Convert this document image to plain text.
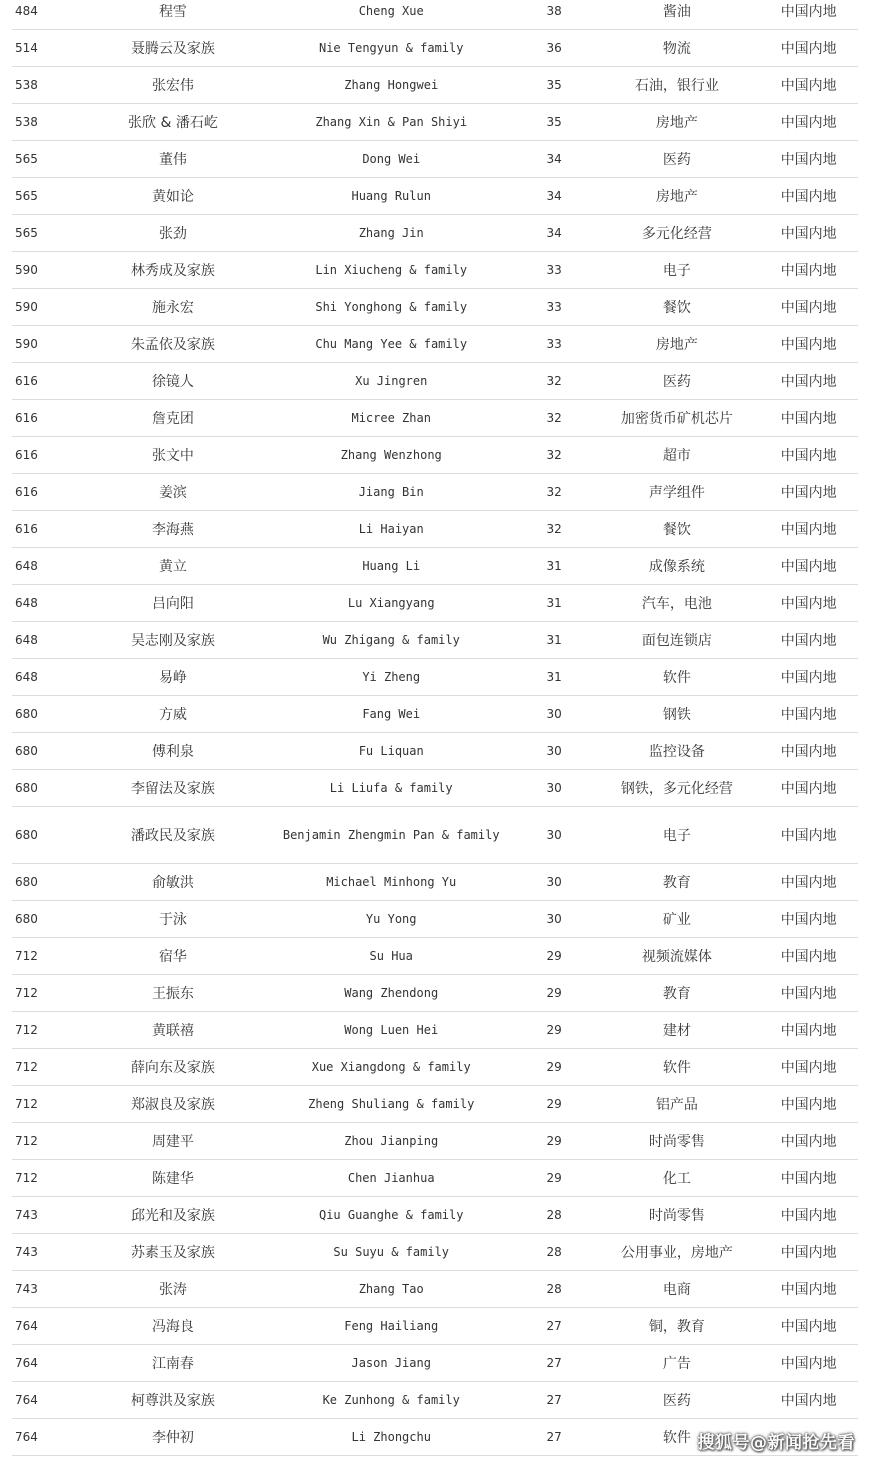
484	程雪	Cheng Xue	38	酱油	中国内地
514	聂腾云及家族	Nie Tengyun & family	36	物流	中国内地
538	张宏伟	Zhang Hongwei	35	石油，银行业	中国内地
538	张欣 & 潘石屹	Zhang Xin & Pan Shiyi	35	房地产	中国内地
565	董伟	Dong Wei	34	医药	中国内地
565	黄如论	Huang Rulun	34	房地产	中国内地
565	张劲	Zhang Jin	34	多元化经营	中国内地
590	林秀成及家族	Lin Xiucheng & family	33	电子	中国内地
590	施永宏	Shi Yonghong & family	33	餐饮	中国内地
590	朱孟依及家族	Chu Mang Yee & family	33	房地产	中国内地
616	徐镜人	Xu Jingren	32	医药	中国内地
616	詹克团	Micree Zhan	32	加密货币矿机芯片	中国内地
616	张文中	Zhang Wenzhong	32	超市	中国内地
616	姜滨	Jiang Bin	32	声学组件	中国内地
616	李海燕	Li Haiyan	32	餐饮	中国内地
648	黄立	Huang Li	31	成像系统	中国内地
648	吕向阳	Lu Xiangyang	31	汽车，电池	中国内地
648	吴志刚及家族	Wu Zhigang & family	31	面包连锁店	中国内地
648	易峥	Yi Zheng	31	软件	中国内地
680	方威	Fang Wei	30	钢铁	中国内地
680	傅利泉	Fu Liquan	30	监控设备	中国内地
680	李留法及家族	Li Liufa & family	30	钢铁，多元化经营	中国内地
680	潘政民及家族	Benjamin Zhengmin Pan & family	30	电子	中国内地
680	俞敏洪	Michael Minhong Yu	30	教育	中国内地
680	于泳	Yu Yong	30	矿业	中国内地
712	宿华	Su Hua	29	视频流媒体	中国内地
712	王振东	Wang Zhendong	29	教育	中国内地
712	黄联禧	Wong Luen Hei	29	建材	中国内地
712	薛向东及家族	Xue Xiangdong & family	29	软件	中国内地
712	郑淑良及家族	Zheng Shuliang & family	29	铝产品	中国内地
712	周建平	Zhou Jianping	29	时尚零售	中国内地
712	陈建华	Chen Jianhua	29	化工	中国内地
743	邱光和及家族	Qiu Guanghe & family	28	时尚零售	中国内地
743	苏素玉及家族	Su Suyu & family	28	公用事业，房地产	中国内地
743	张涛	Zhang Tao	28	电商	中国内地
764	冯海良	Feng Hailiang	27	铜，教育	中国内地
764	江南春	Jason Jiang	27	广告	中国内地
764	柯尊洪及家族	Ke Zunhong & family	27	医药	中国内地
764	李仲初	Li Zhongchu	27	软件	搜狐号@新闻抢先看
